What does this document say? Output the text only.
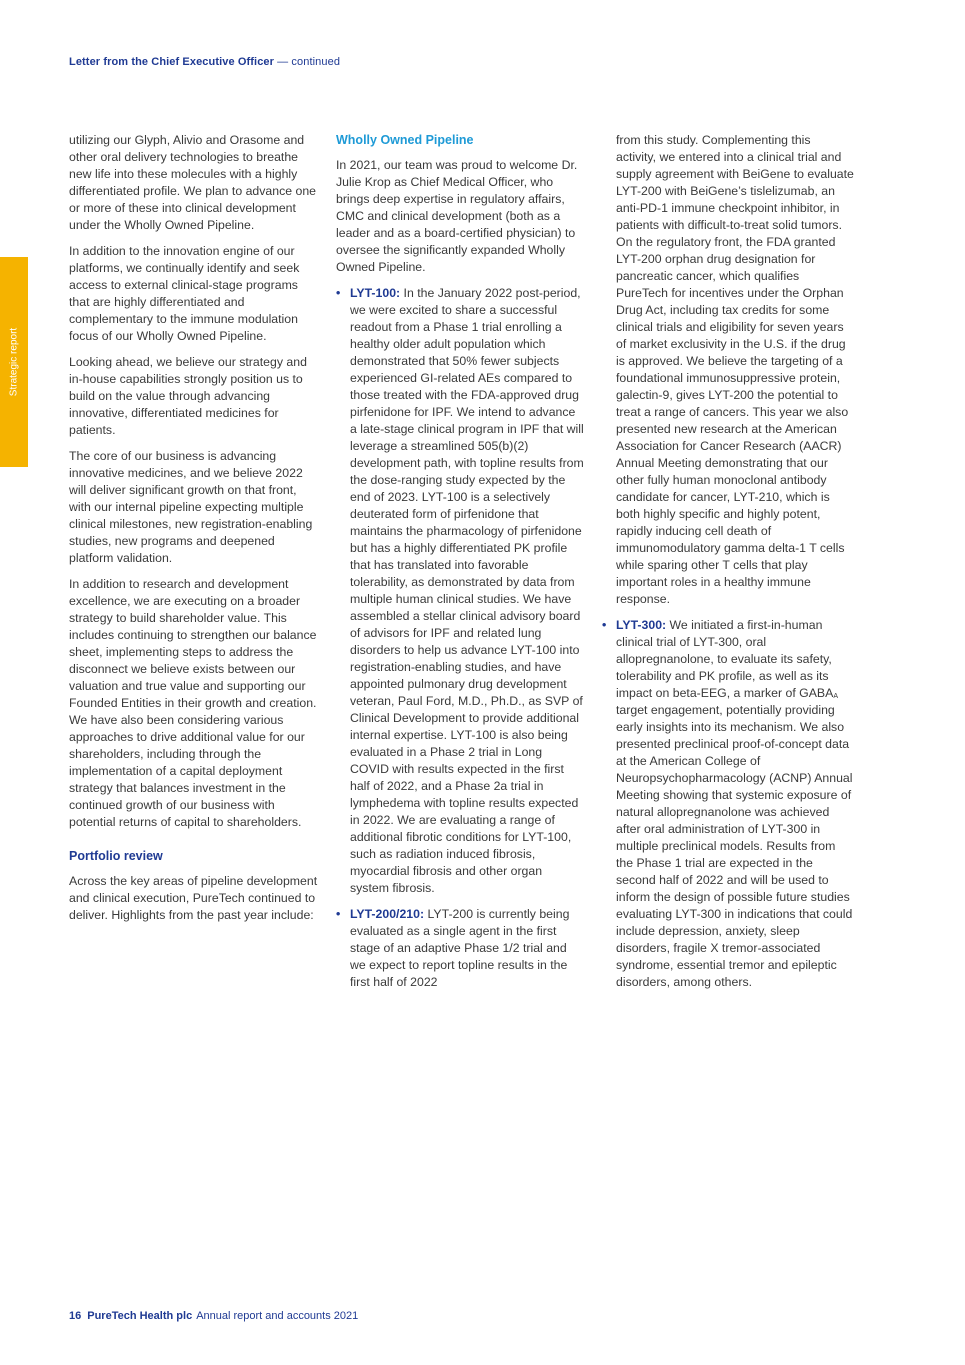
Letter from the Chief Executive Officer — continued
Strategic report

utilizing our Glyph, Alivio and Orasome and other oral delivery technologies to breathe new life into these molecules with a highly differentiated profile. We plan to advance one or more of these into clinical development under the Wholly Owned Pipeline.

In addition to the innovation engine of our platforms, we continually identify and seek access to external clinical-stage programs that are highly differentiated and complementary to the immune modulation focus of our Wholly Owned Pipeline.

Looking ahead, we believe our strategy and in-house capabilities strongly position us to build on the value through advancing innovative, differentiated medicines for patients.

The core of our business is advancing innovative medicines, and we believe 2022 will deliver significant growth on that front, with our internal pipeline expecting multiple clinical milestones, new registration-enabling studies, new programs and deepened platform validation.

In addition to research and development excellence, we are executing on a broader strategy to build shareholder value. This includes continuing to strengthen our balance sheet, implementing steps to address the disconnect we believe exists between our valuation and true value and supporting our Founded Entities in their growth and creation. We have also been considering various approaches to drive additional value for our shareholders, including through the implementation of a capital deployment strategy that balances investment in the continued growth of our business with potential returns of capital to shareholders.

Portfolio review

Across the key areas of pipeline development and clinical execution, PureTech continued to deliver. Highlights from the past year include:

Wholly Owned Pipeline

In 2021, our team was proud to welcome Dr. Julie Krop as Chief Medical Officer, who brings deep expertise in regulatory affairs, CMC and clinical development (both as a leader and as a board-certified physician) to oversee the significantly expanded Wholly Owned Pipeline.

• LYT-100: In the January 2022 post-period, we were excited to share a successful readout from a Phase 1 trial enrolling a healthy older adult population which demonstrated that 50% fewer subjects experienced GI-related AEs compared to those treated with the FDA-approved drug pirfenidone for IPF. We intend to advance a late-stage clinical program in IPF that will leverage a streamlined 505(b)(2) development path, with topline results from the dose-ranging study expected by the end of 2023. LYT-100 is a selectively deuterated form of pirfenidone that maintains the pharmacology of pirfenidone but has a highly differentiated PK profile that has translated into favorable tolerability, as demonstrated by data from multiple human clinical studies. We have assembled a stellar clinical advisory board of advisors for IPF and related lung disorders to help us advance LYT-100 into registration-enabling studies, and have appointed pulmonary drug development veteran, Paul Ford, M.D., Ph.D., as SVP of Clinical Development to provide additional internal expertise. LYT-100 is also being evaluated in a Phase 2 trial in Long COVID with results expected in the first half of 2022, and a Phase 2a trial in lymphedema with topline results expected in 2022. We are evaluating a range of additional fibrotic conditions for LYT-100, such as radiation induced fibrosis, myocardial fibrosis and other organ system fibrosis.
• LYT-200/210: LYT-200 is currently being evaluated as a single agent in the first stage of an adaptive Phase 1/2 trial and we expect to report topline results in the first half of 2022

from this study. Complementing this activity, we entered into a clinical trial and supply agreement with BeiGene to evaluate LYT-200 with BeiGene’s tislelizumab, an anti-PD-1 immune checkpoint inhibitor, in patients with difficult-to-treat solid tumors. On the regulatory front, the FDA granted LYT-200 orphan drug designation for pancreatic cancer, which qualifies PureTech for incentives under the Orphan Drug Act, including tax credits for some clinical trials and eligibility for seven years of market exclusivity in the U.S. if the drug is approved. We believe the targeting of a foundational immunosuppressive protein, galectin-9, gives LYT-200 the potential to treat a range of cancers. This year we also presented new research at the American Association for Cancer Research (AACR) Annual Meeting demonstrating that our other fully human monoclonal antibody candidate for cancer, LYT-210, which is both highly specific and highly potent, rapidly inducing cell death of immunomodulatory gamma delta-1 T cells while sparing other T cells that play important roles in a healthy immune response.

• LYT-300: We initiated a first-in-human clinical trial of LYT-300, oral allopregnanolone, to evaluate its safety, tolerability and PK profile, as well as its impact on beta-EEG, a marker of $GABA_A$ target engagement, potentially providing early insights into its mechanism. We also presented preclinical proof-of-concept data at the American College of Neuropsychopharmacology (ACNP) Annual Meeting showing that systemic exposure of natural allopregnanolone was achieved after oral administration of LYT-300 in multiple preclinical models. Results from the Phase 1 trial are expected in the second half of 2022 and will be used to inform the design of possible future studies evaluating LYT-300 in indications that could include depression, anxiety, sleep disorders, fragile X tremor-associated syndrome, essential tremor and epileptic disorders, among others.
16 PureTech Health plc Annual report and accounts 2021
